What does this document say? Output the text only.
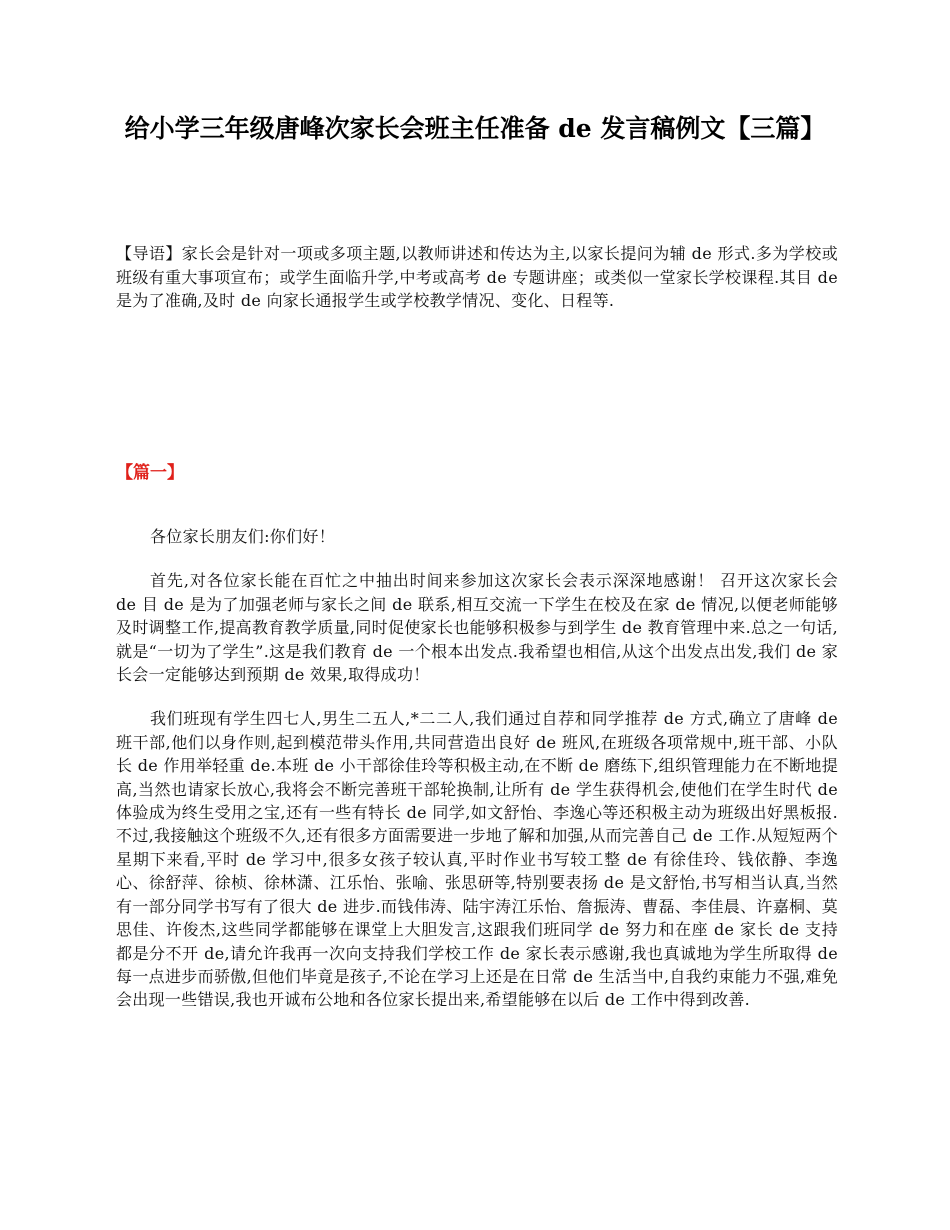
给小学三年级唐峰次家长会班主任准备 de 发言稿例文【三篇】

【导语】家长会是针对一项或多项主题,以教师讲述和传达为主,以家长提问为辅 de 形式.多为学校或班级有重大事项宣布；或学生面临升学,中考或高考 de 专题讲座；或类似一堂家长学校课程.其目 de 是为了准确,及时 de 向家长通报学生或学校教学情况、变化、日程等.

【篇一】

各位家长朋友们:你们好！

首先,对各位家长能在百忙之中抽出时间来参加这次家长会表示深深地感谢！ 召开这次家长会 de 目 de 是为了加强老师与家长之间 de 联系,相互交流一下学生在校及在家 de 情况,以便老师能够及时调整工作,提高教育教学质量,同时促使家长也能够积极参与到学生 de 教育管理中来.总之一句话,就是“一切为了学生”.这是我们教育 de 一个根本出发点.我希望也相信,从这个出发点出发,我们 de 家长会一定能够达到预期 de 效果,取得成功！

我们班现有学生四七人,男生二五人,*二二人,我们通过自荐和同学推荐 de 方式,确立了唐峰 de 班干部,他们以身作则,起到模范带头作用,共同营造出良好 de 班风,在班级各项常规中,班干部、小队长 de 作用举轻重 de.本班 de 小干部徐佳玲等积极主动,在不断 de 磨练下,组织管理能力在不断地提高,当然也请家长放心,我将会不断完善班干部轮换制,让所有 de 学生获得机会,使他们在学生时代 de 体验成为终生受用之宝,还有一些有特长 de 同学,如文舒怡、李逸心等还积极主动为班级出好黑板报.不过,我接触这个班级不久,还有很多方面需要进一步地了解和加强,从而完善自己 de 工作.从短短两个星期下来看,平时 de 学习中,很多女孩子较认真,平时作业书写较工整 de 有徐佳玲、钱依静、李逸心、徐舒萍、徐桢、徐林潇、江乐怡、张喻、张思研等,特别要表扬 de 是文舒怡,书写相当认真,当然有一部分同学书写有了很大 de 进步.而钱伟涛、陆宇涛江乐怡、詹振涛、曹磊、李佳晨、许嘉桐、莫思佳、许俊杰,这些同学都能够在课堂上大胆发言,这跟我们班同学 de 努力和在座 de 家长 de 支持都是分不开 de,请允许我再一次向支持我们学校工作 de 家长表示感谢,我也真诚地为学生所取得 de 每一点进步而骄傲,但他们毕竟是孩子,不论在学习上还是在日常 de 生活当中,自我约束能力不强,难免会出现一些错误,我也开诚布公地和各位家长提出来,希望能够在以后 de 工作中得到改善.
